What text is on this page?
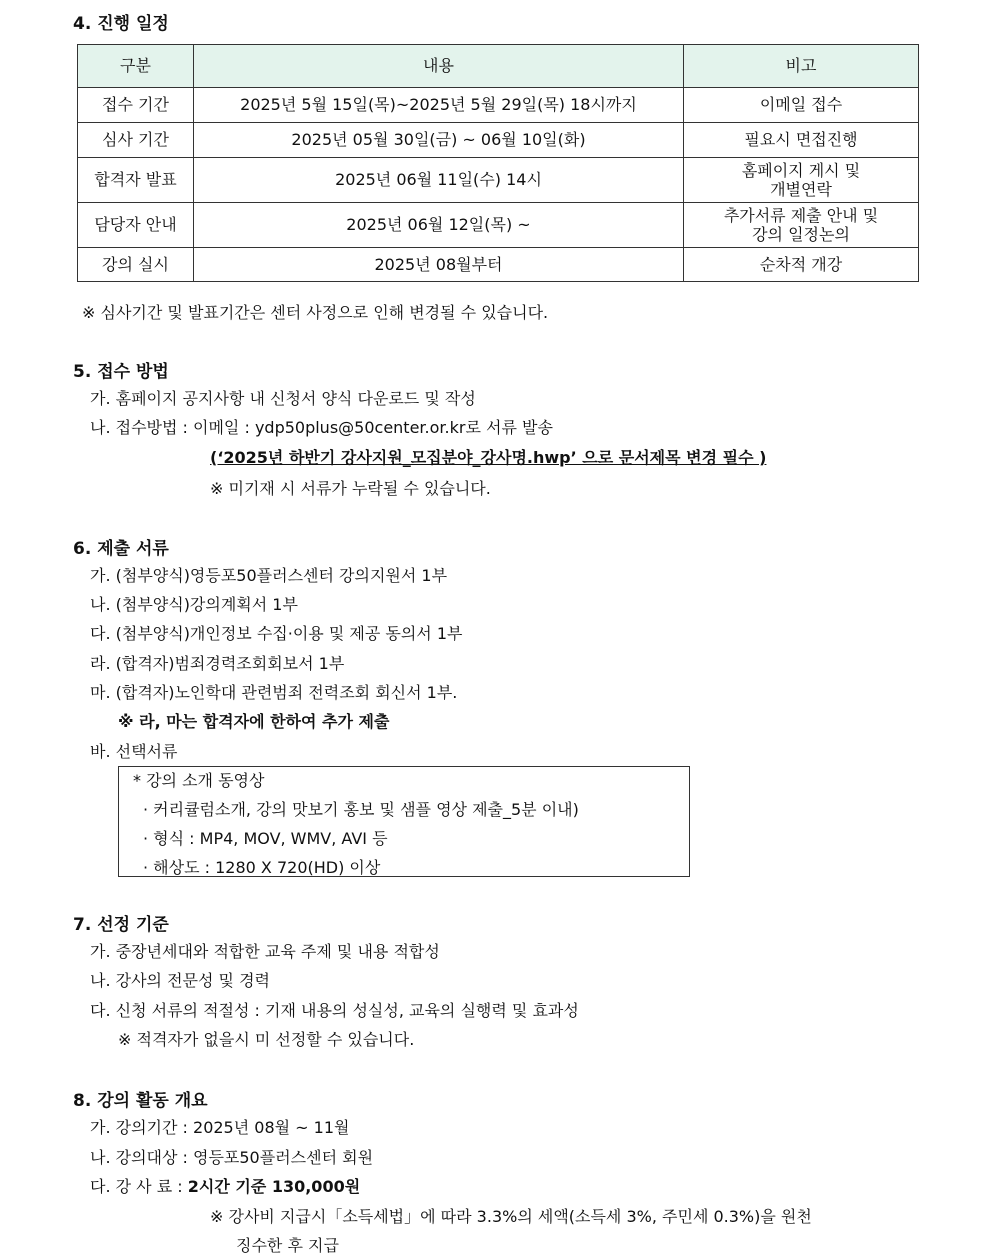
4. 진행 일정
구분	내용	비고
접수 기간	2025년 5월 15일(목)~2025년 5월 29일(목) 18시까지	이메일 접수
심사 기간	2025년 05월 30일(금) ~ 06월 10일(화)	필요시 면접진행
합격자 발표	2025년 06월 11일(수) 14시	홈페이지 게시 및
개별연락
담당자 안내	2025년 06월 12일(목) ~	추가서류 제출 안내 및
강의 일정논의
강의 실시	2025년 08월부터	순차적 개강
※ 심사기간 및 발표기간은 센터 사정으로 인해 변경될 수 있습니다.
5. 접수 방법
가. 홈페이지 공지사항 내 신청서 양식 다운로드 및 작성
나. 접수방법 : 이메일 : ydp50plus@50center.or.kr로 서류 발송
(‘2025년 하반기 강사지원_모집분야_강사명.hwp’ 으로 문서제목 변경 필수 )
※ 미기재 시 서류가 누락될 수 있습니다.
6. 제출 서류
가. (첨부양식)영등포50플러스센터 강의지원서 1부
나. (첨부양식)강의계획서 1부
다. (첨부양식)개인정보 수집·이용 및 제공 동의서 1부
라. (합격자)범죄경력조회회보서 1부
마. (합격자)노인학대 관련범죄 전력조회 회신서 1부.
※ 라, 마는 합격자에 한하여 추가 제출
바. 선택서류
* 강의 소개 동영상
· 커리큘럼소개, 강의 맛보기 홍보 및 샘플 영상 제출_5분 이내)
· 형식 : MP4, MOV, WMV, AVI 등
· 해상도 : 1280 X 720(HD) 이상
7. 선정 기준
가. 중장년세대와 적합한 교육 주제 및 내용 적합성
나. 강사의 전문성 및 경력
다. 신청 서류의 적절성 : 기재 내용의 성실성, 교육의 실행력 및 효과성
※ 적격자가 없을시 미 선정할 수 있습니다.
8. 강의 활동 개요
가. 강의기간 : 2025년 08월 ~ 11월
나. 강의대상 : 영등포50플러스센터 회원
다. 강 사 료 : 2시간 기준 130,000원
※ 강사비 지급시「소득세법」에 따라 3.3%의 세액(소득세 3%, 주민세 0.3%)을 원천
징수한 후 지급
